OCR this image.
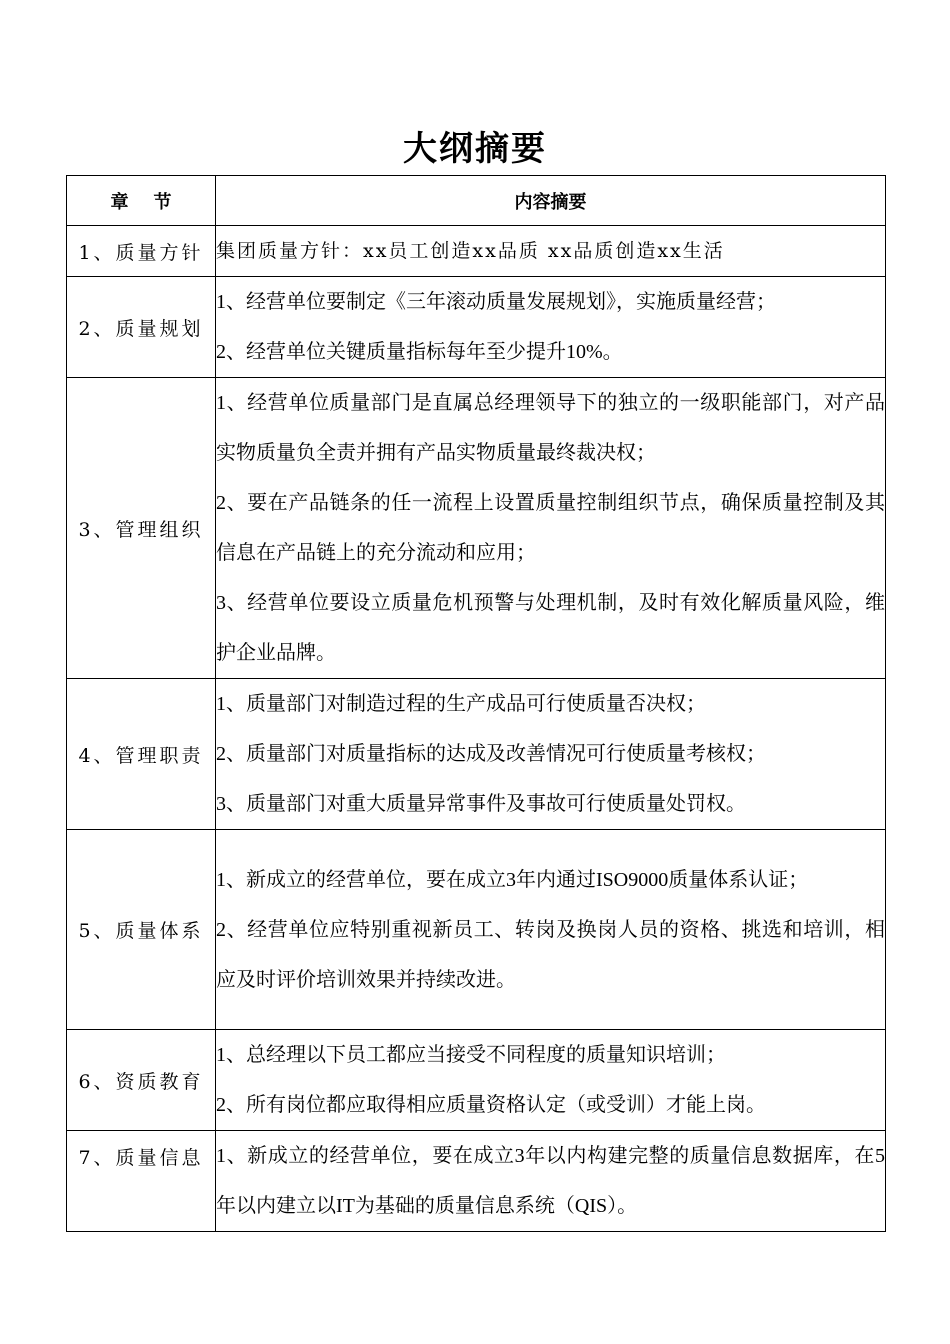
大纲摘要
章    节	内容摘要
1、质量方针	集团质量方针：xx员工创造xx品质 xx品质创造xx生活

2、质量规划	1、经营单位要制定《三年滚动质量发展规划》，实施质量经营；
2、经营单位关键质量指标每年至少提升10%。

3、管理组织	1、经营单位质量部门是直属总经理领导下的独立的一级职能部门，对产品实物质量负全责并拥有产品实物质量最终裁决权；
2、要在产品链条的任一流程上设置质量控制组织节点，确保质量控制及其信息在产品链上的充分流动和应用；
3、经营单位要设立质量危机预警与处理机制，及时有效化解质量风险，维护企业品牌。

4、管理职责	1、质量部门对制造过程的生产成品可行使质量否决权；
2、质量部门对质量指标的达成及改善情况可行使质量考核权；
3、质量部门对重大质量异常事件及事故可行使质量处罚权。

5、质量体系	1、新成立的经营单位，要在成立3年内通过ISO9000质量体系认证；
2、经营单位应特别重视新员工、转岗及换岗人员的资格、挑选和培训，相应及时评价培训效果并持续改进。

6、资质教育	1、总经理以下员工都应当接受不同程度的质量知识培训；
2、所有岗位都应取得相应质量资格认定（或受训）才能上岗。

7、质量信息	1、新成立的经营单位，要在成立3年以内构建完整的质量信息数据库，在5年以内建立以IT为基础的质量信息系统（QIS）。
